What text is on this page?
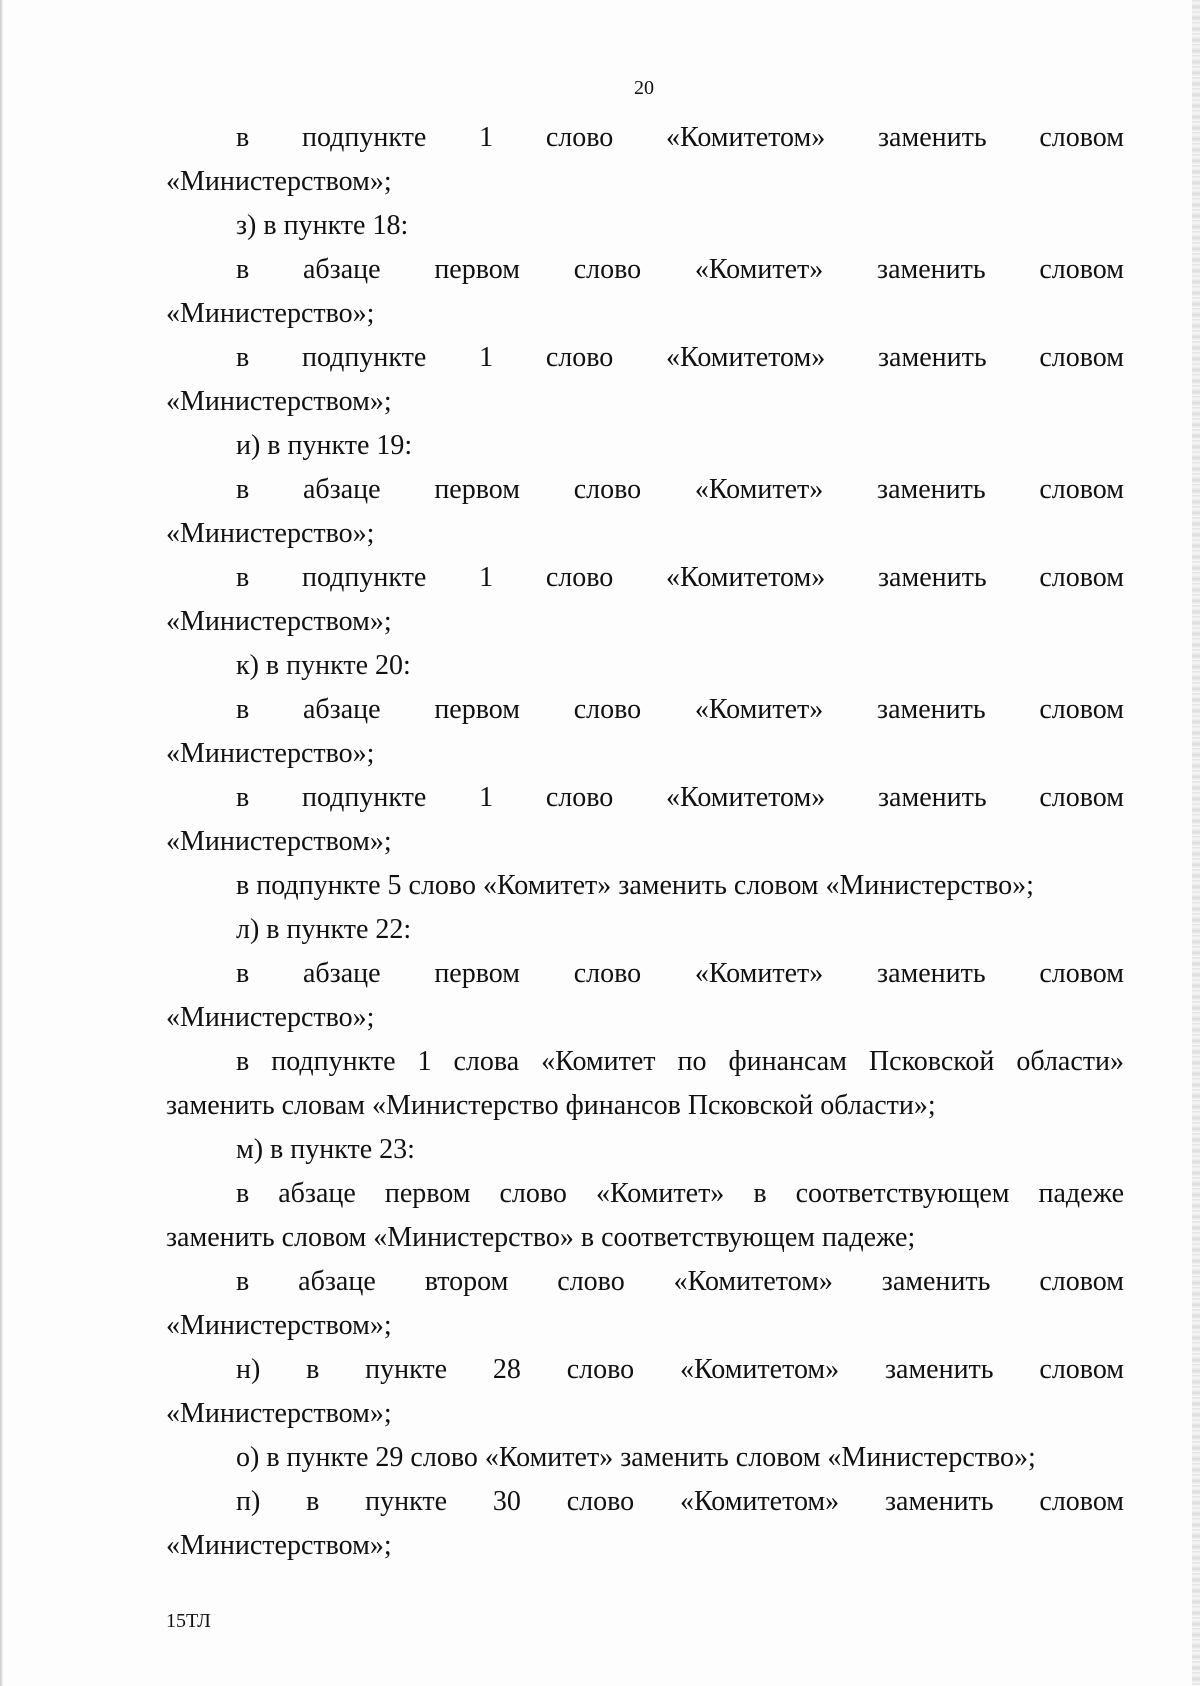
20

в подпункте 1 слово «Комитетом» заменить словом

«Министерством»;

з) в пункте 18:

в абзаце первом слово «Комитет» заменить словом

«Министерство»;

в подпункте 1 слово «Комитетом» заменить словом

«Министерством»;

и) в пункте 19:

в абзаце первом слово «Комитет» заменить словом

«Министерство»;

в подпункте 1 слово «Комитетом» заменить словом

«Министерством»;

к) в пункте 20:

в абзаце первом слово «Комитет» заменить словом

«Министерство»;

в подпункте 1 слово «Комитетом» заменить словом

«Министерством»;

в подпункте 5 слово «Комитет» заменить словом «Министерство»;

л) в пункте 22:

в абзаце первом слово «Комитет» заменить словом

«Министерство»;

в подпункте 1 слова «Комитет по финансам Псковской области»

заменить словам «Министерство финансов Псковской области»;

м) в пункте 23:

в абзаце первом слово «Комитет» в соответствующем падеже

заменить словом «Министерство» в соответствующем падеже;

в абзаце втором слово «Комитетом» заменить словом

«Министерством»;

н) в пункте 28 слово «Комитетом» заменить словом

«Министерством»;

о) в пункте 29 слово «Комитет» заменить словом «Министерство»;

п) в пункте 30 слово «Комитетом» заменить словом

«Министерством»;

15ТЛ
